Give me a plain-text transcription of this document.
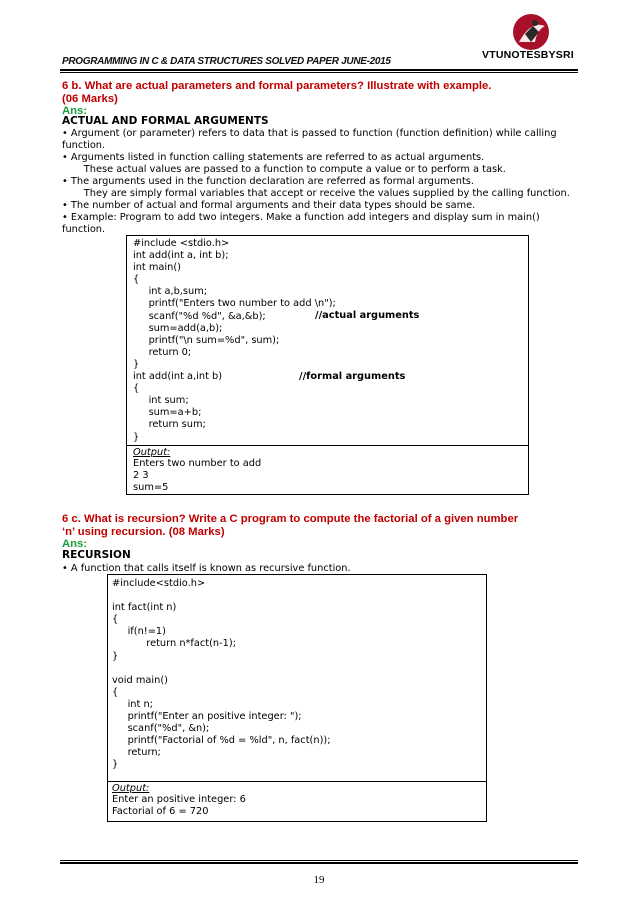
VTUNOTESBYSRI
PROGRAMMING IN C & DATA STRUCTURES SOLVED PAPER JUNE-2015
6 b. What are actual parameters and formal parameters? Illustrate with example.
(06 Marks)
Ans:
ACTUAL AND FORMAL ARGUMENTS
• Argument (or parameter) refers to data that is passed to function (function definition) while calling
function.
• Arguments listed in function calling statements are referred to as actual arguments.
These actual values are passed to a function to compute a value or to perform a task.
• The arguments used in the function declaration are referred as formal arguments.
They are simply formal variables that accept or receive the values supplied by the calling function.
• The number of actual and formal arguments and their data types should be same.
• Example: Program to add two integers. Make a function add integers and display sum in main()
function.
#include <stdio.h>
int add(int a, int b);
int main()
{
int a,b,sum;
printf("Enters two number to add \n");
scanf("%d %d", &a,&b);
sum=add(a,b);
printf("\n sum=%d", sum);
return 0;
}
int add(int a,int b)
{
int sum;
sum=a+b;
return sum;
}
//actual arguments
//formal arguments
Output:
Enters two number to add
2 3
sum=5
6 c. What is recursion? Write a C program to compute the factorial of a given number
‘n’ using recursion. (08 Marks)
Ans:
RECURSION
• A function that calls itself is known as recursive function.
#include<stdio.h>
int fact(int n)
{
if(n!=1)
return n*fact(n-1);
}
void main()
{
int n;
printf("Enter an positive integer: ");
scanf("%d", &n);
printf("Factorial of %d = %ld", n, fact(n));
return;
}
Output:
Enter an positive integer: 6
Factorial of 6 = 720
19
